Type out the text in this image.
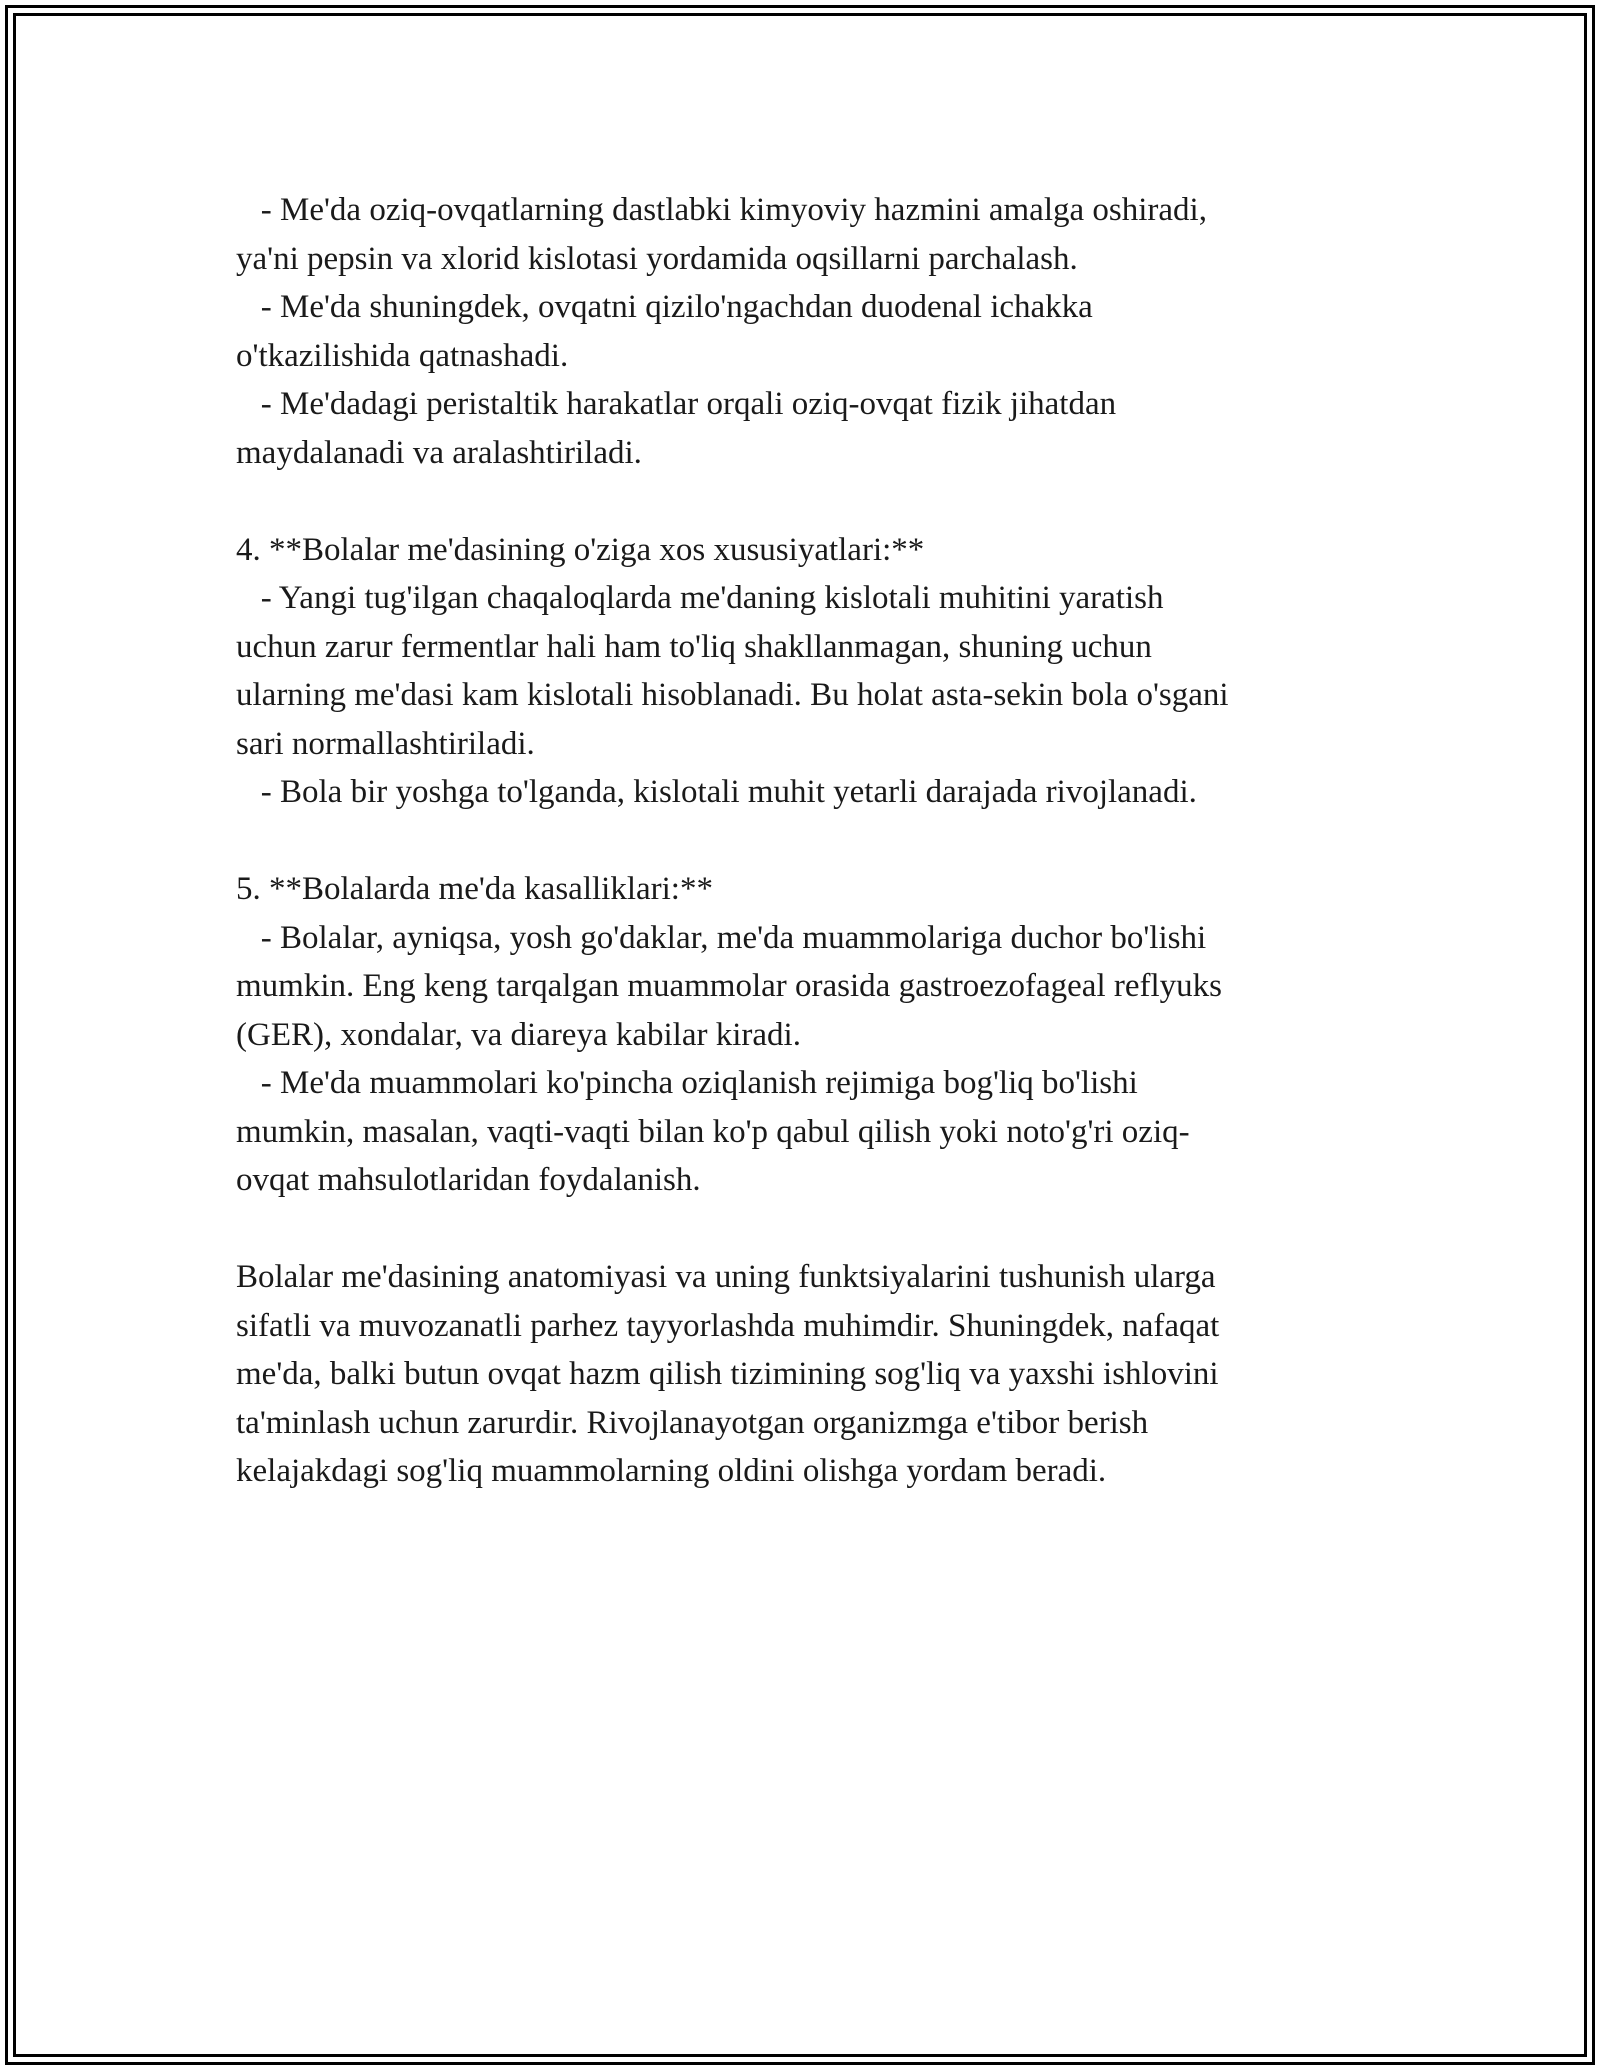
- Me'da oziq-ovqatlarning dastlabki kimyoviy hazmini amalga oshiradi,

ya'ni pepsin va xlorid kislotasi yordamida oqsillarni parchalash.

- Me'da shuningdek, ovqatni qizilo'ngachdan duodenal ichakka

o'tkazilishida qatnashadi.

- Me'dadagi peristaltik harakatlar orqali oziq-ovqat fizik jihatdan

maydalanadi va aralashtiriladi.

4. **Bolalar me'dasining o'ziga xos xususiyatlari:**

- Yangi tug'ilgan chaqaloqlarda me'daning kislotali muhitini yaratish

uchun zarur fermentlar hali ham to'liq shakllanmagan, shuning uchun

ularning me'dasi kam kislotali hisoblanadi. Bu holat asta-sekin bola o'sgani

sari normallashtiriladi.

- Bola bir yoshga to'lganda, kislotali muhit yetarli darajada rivojlanadi.

5. **Bolalarda me'da kasalliklari:**

- Bolalar, ayniqsa, yosh go'daklar, me'da muammolariga duchor bo'lishi

mumkin. Eng keng tarqalgan muammolar orasida gastroezofageal reflyuks

(GER), xondalar, va diareya kabilar kiradi.

- Me'da muammolari ko'pincha oziqlanish rejimiga bog'liq bo'lishi

mumkin, masalan, vaqti-vaqti bilan ko'p qabul qilish yoki noto'g'ri oziq-

ovqat mahsulotlaridan foydalanish.

Bolalar me'dasining anatomiyasi va uning funktsiyalarini tushunish ularga

sifatli va muvozanatli parhez tayyorlashda muhimdir. Shuningdek, nafaqat

me'da, balki butun ovqat hazm qilish tizimining sog'liq va yaxshi ishlovini

ta'minlash uchun zarurdir. Rivojlanayotgan organizmga e'tibor berish

kelajakdagi sog'liq muammolarning oldini olishga yordam beradi.
